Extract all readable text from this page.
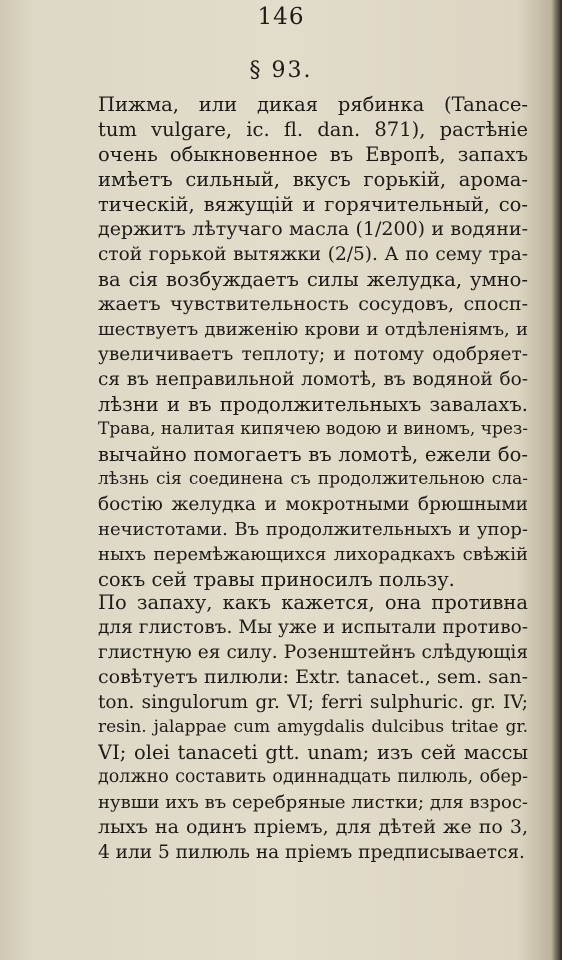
146
§ 93.
Пижма, или дикая рябинка (Tanace-
tum vulgare, ic. fl. dan. 871), растѣнiе
очень обыкновенное въ Европѣ, запахъ
имѣетъ сильный, вкусъ горькiй, арома-
тическiй, вяжущiй и горячительный, со-
держитъ лѣтучаго масла (1/200) и водяни-
стой горькой вытяжки (2/5). А по сему тра-
ва сiя возбуждаетъ силы желудка, умно-
жаетъ чувствительность сосудовъ, спосп-
шествуетъ движенiю крови и отдѣленiямъ, и
увеличиваетъ теплоту; и потому одобряет-
ся въ неправильной ломотѣ, въ водяной бо-
лѣзни и въ продолжительныхъ завалахъ.
Трава, налитая кипячею водою и виномъ, чрез-
вычайно помогаетъ въ ломотѣ, ежели бо-
лѣзнь сiя соединена съ продолжительною сла-
бостiю желудка и мокротными брюшными
нечистотами. Въ продолжительныхъ и упор-
ныхъ перемѣжающихся лихорадкахъ свѣжiй
сокъ сей травы приносилъ пользу.
По запаху, какъ кажется, она противна
для глистовъ. Мы уже и испытали противо-
глистную ея силу. Розенштейнъ слѣдующiя
совѣтуетъ пилюли: Extr. tanacet., sem. san-
ton. singulorum gr. VI; ferri sulphuric. gr. IV;
resin. jalappae cum amygdalis dulcibus tritae gr.
VI; olei tanaceti gtt. unam; изъ сей массы
должно составить одиннадцать пилюль, обер-
нувши ихъ въ серебряные листки; для взрос-
лыхъ на одинъ прiемъ, для дѣтей же по 3,
4 или 5 пилюль на прiемъ предписывается.
